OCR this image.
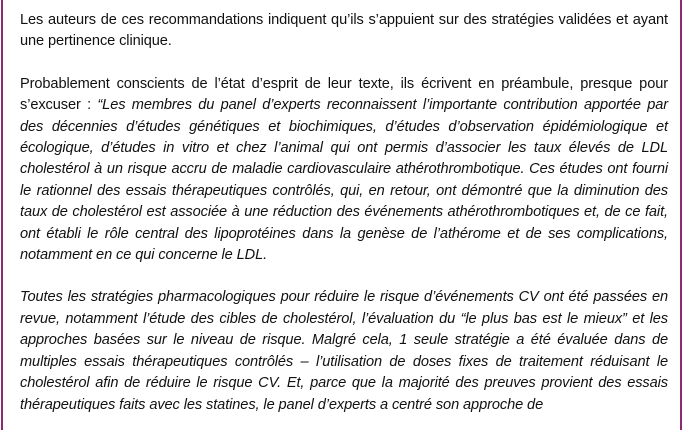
Les auteurs de ces recommandations indiquent qu’ils s’appuient sur des stratégies validées et ayant une pertinence clinique.

Probablement conscients de l’état d’esprit de leur texte, ils écrivent en préambule, presque pour s’excuser : “Les membres du panel d’experts reconnaissent l’importante contribution apportée par des décennies d’études génétiques et biochimiques, d’études d’observation épidémiologique et écologique, d’études in vitro et chez l’animal qui ont permis d’associer les taux élevés de LDL cholestérol à un risque accru de maladie cardiovasculaire athérothrombotique. Ces études ont fourni le rationnel des essais thérapeutiques contrôlés, qui, en retour, ont démontré que la diminution des taux de cholestérol est associée à une réduction des événements athérothrombotiques et, de ce fait, ont établi le rôle central des lipoprotéines dans la genèse de l’athérome et de ses complications, notamment en ce qui concerne le LDL.

Toutes les stratégies pharmacologiques pour réduire le risque d’événements CV ont été passées en revue, notamment l’étude des cibles de cholestérol, l’évaluation du “le plus bas est le mieux” et les approches basées sur le niveau de risque. Malgré cela, 1 seule stratégie a été évaluée dans de multiples essais thérapeutiques contrôlés – l’utilisation de doses fixes de traitement réduisant le cholestérol afin de réduire le risque CV. Et, parce que la majorité des preuves provient des essais thérapeutiques faits avec les statines, le panel d’experts a centré son approche de
